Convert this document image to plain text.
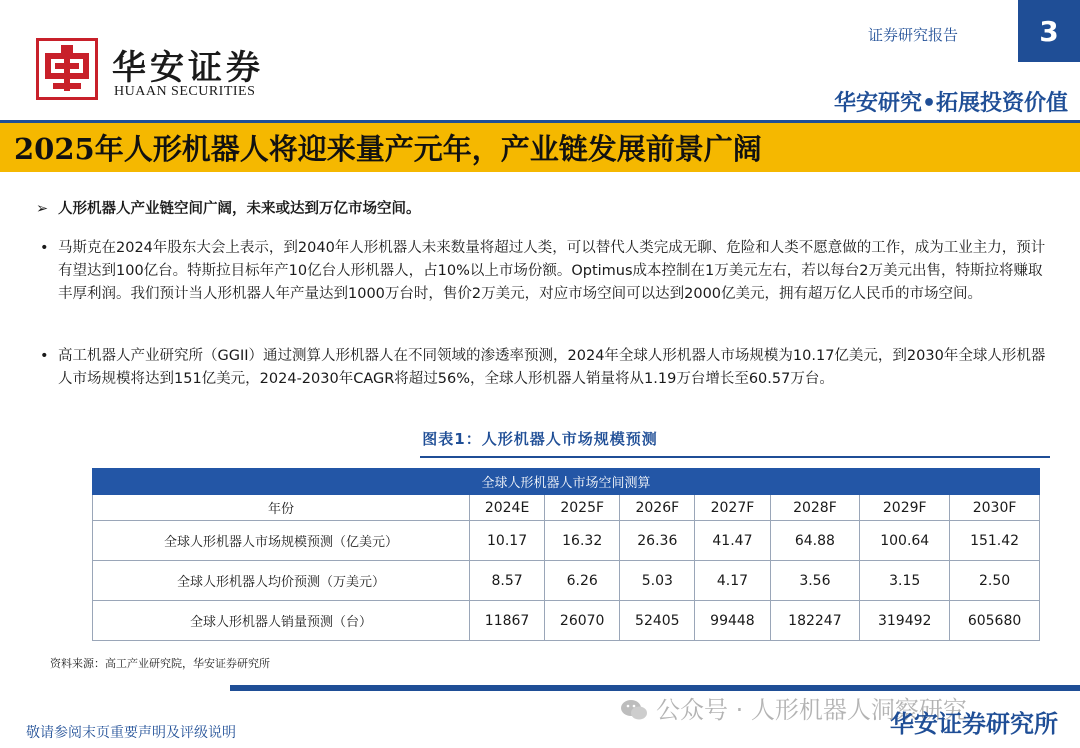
华安证券
HUAAN SECURITIES
证券研究报告	3
华安研究•拓展投资价值
2025年人形机器人将迎来量产元年，产业链发展前景广阔
➢ 人形机器人产业链空间广阔，未来或达到万亿市场空间。
• 马斯克在2024年股东大会上表示，到2040年人形机器人未来数量将超过人类，可以替代人类完成无聊、危险和人类不愿意做的工作，成为工业主力，预计有望达到100亿台。特斯拉目标年产10亿台人形机器人，占10%以上市场份额。Optimus成本控制在1万美元左右，若以每台2万美元出售，特斯拉将赚取丰厚利润。我们预计当人形机器人年产量达到1000万台时，售价2万美元，对应市场空间可以达到2000亿美元，拥有超万亿人民币的市场空间。
• 高工机器人产业研究所（GGII）通过测算人形机器人在不同领域的渗透率预测，2024年全球人形机器人市场规模为10.17亿美元，到2030年全球人形机器人市场规模将达到151亿美元，2024-2030年CAGR将超过56%，全球人形机器人销量将从1.19万台增长至60.57万台。
图表1：人形机器人市场规模预测
全球人形机器人市场空间测算							
年份	2024E	2025F	2026F	2027F	2028F	2029F	2030F
全球人形机器人市场规模预测（亿美元）	10.17	16.32	26.36	41.47	64.88	100.64	151.42
全球人形机器人均价预测（万美元）	8.57	6.26	5.03	4.17	3.56	3.15	2.50
全球人形机器人销量预测（台）	11867	26070	52405	99448	182247	319492	605680
资料来源：高工产业研究院，华安证券研究所
公众号 · 人形机器人洞察研究
敬请参阅末页重要声明及评级说明	华安证券研究所
